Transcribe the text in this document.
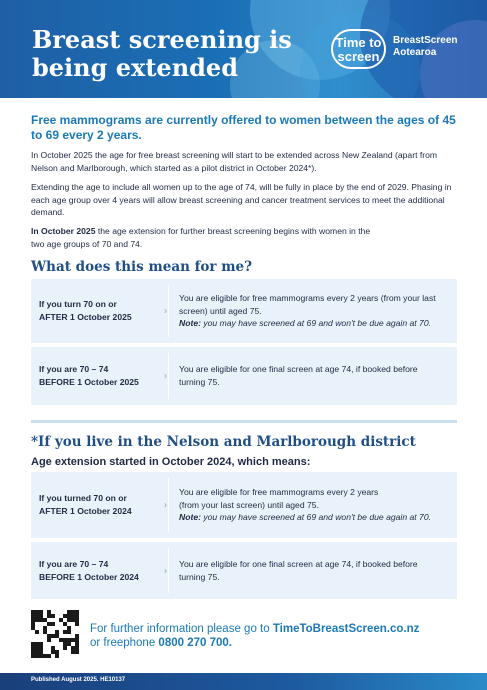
Breast screening is being extended
Time to
screen
BreastScreen
Aotearoa
Free mammograms are currently offered to women between the ages of 45 to 69 every 2 years.
In October 2025 the age for free breast screening will start to be extended across New Zealand (apart from Nelson and Marlborough, which started as a pilot district in October 2024*).
Extending the age to include all women up to the age of 74, will be fully in place by the end of 2029. Phasing in each age group over 4 years will allow breast screening and cancer treatment services to meet the additional demand.
In October 2025 the age extension for further breast screening begins with women in the
two age groups of 70 and 74.
What does this mean for me?
If you turn 70 on or
AFTER 1 October 2025
›
You are eligible for free mammograms every 2 years (from your last screen) until aged 75.
Note: you may have screened at 69 and won't be due again at 70.
If you are 70 – 74
BEFORE 1 October 2025
›
You are eligible for one final screen at age 74, if booked before turning 75.
*If you live in the Nelson and Marlborough district
Age extension started in October 2024, which means:
If you turned 70 on or
AFTER 1 October 2024
›
You are eligible for free mammograms every 2 years
(from your last screen) until aged 75.
Note: you may have screened at 69 and won't be due again at 70.
If you are 70 – 74
BEFORE 1 October 2024
›
You are eligible for one final screen at age 74, if booked before turning 75.
For further information please go to TimeToBreastScreen.co.nz
or freephone 0800 270 700.
Published August 2025. HE10137
